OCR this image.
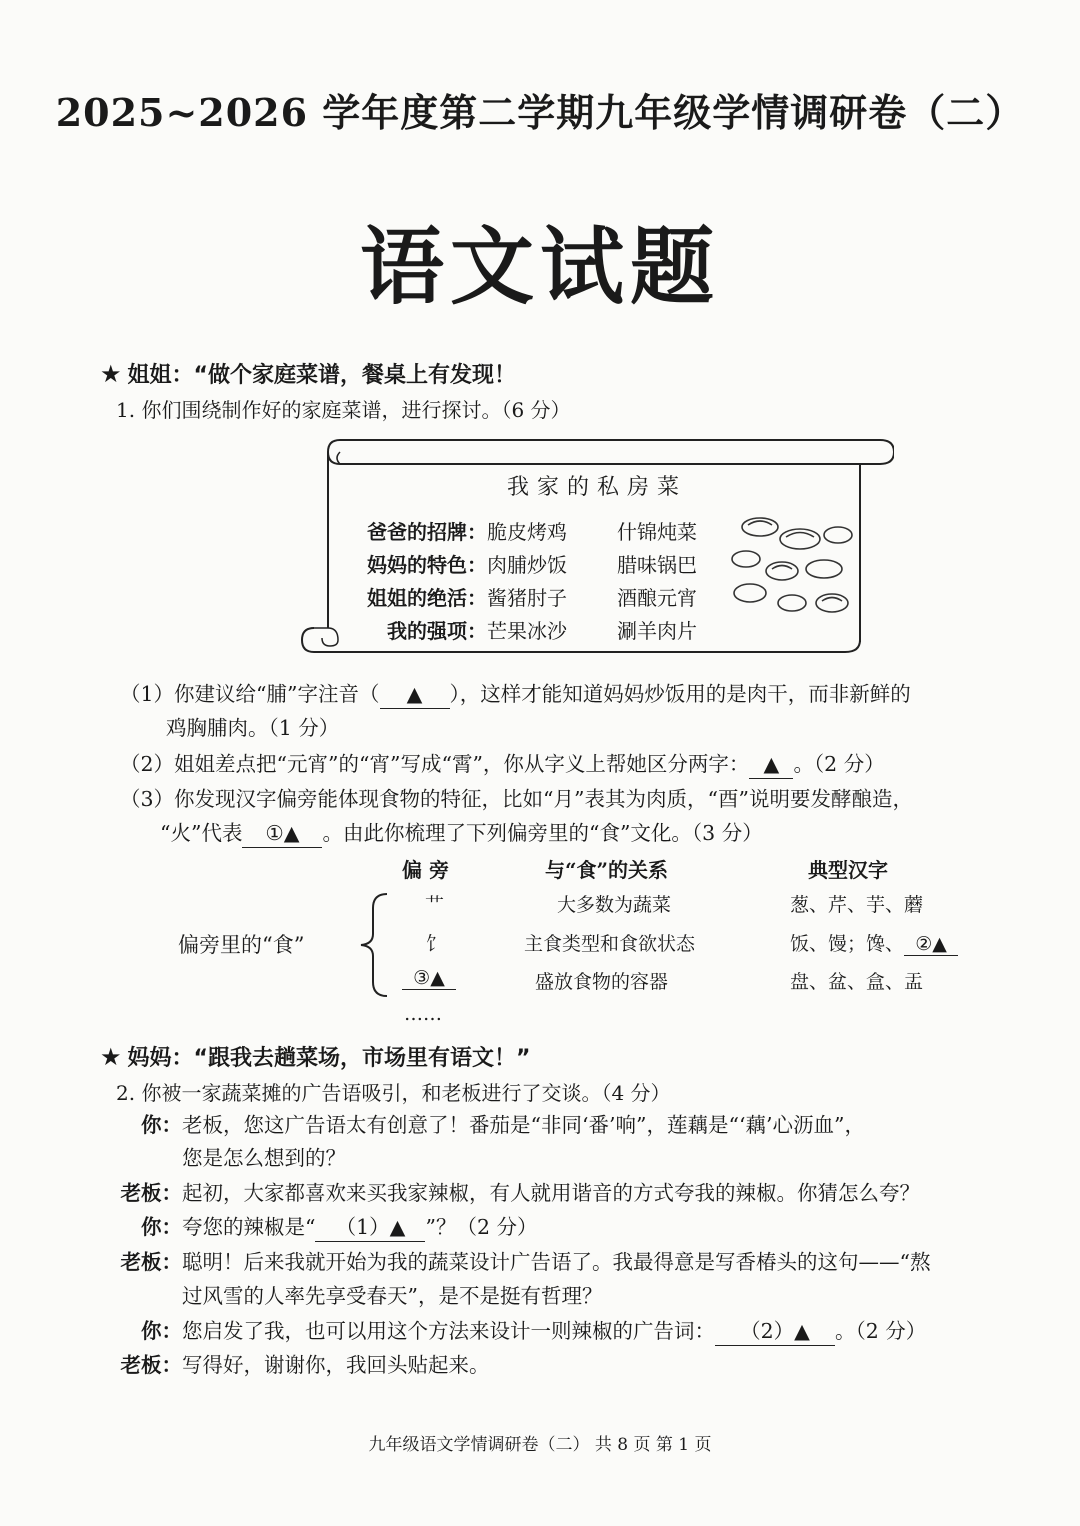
2025~2026 学年度第二学期九年级学情调研卷（二）
语文试题
★ 姐姐：“做个家庭菜谱，餐桌上有发现！
1. 你们围绕制作好的家庭菜谱，进行探讨。（6 分）
我家的私房菜
爸爸的招牌：脆皮烤鸡	什锦炖菜
妈妈的特色：肉脯炒饭	腊味锅巴
姐姐的绝活：酱猪肘子	酒酿元宵
我的强项：芒果冰沙	涮羊肉片
（1）你建议给“脯”字注音（ ▲ ），这样才能知道妈妈炒饭用的是肉干，而非新鲜的
鸡胸脯肉。（1 分）
（2）姐姐差点把“元宵”的“宵”写成“霄”，你从字义上帮她区分两字： ▲ 。（2 分）
（3）你发现汉字偏旁能体现食物的特征，比如“月”表其为肉质，“酉”说明要发酵酿造，
“火”代表 ①▲ 。由此你梳理了下列偏旁里的“食”文化。（3 分）
偏 旁	与“食”的关系	典型汉字
偏旁里的“食”
艹	大多数为蔬菜	葱、芹、芋、蘑
饣	主食类型和食欲状态	饭、馒；馋、 ②▲
③▲	盛放食物的容器	盘、盆、盒、盂
……
★ 妈妈：“跟我去趟菜场，市场里有语文！”
2. 你被一家蔬菜摊的广告语吸引，和老板进行了交谈。（4 分）
你：老板，您这广告语太有创意了！番茄是“非同‘番’响”，莲藕是“‘藕’心沥血”，
您是怎么想到的？
老板：起初，大家都喜欢来买我家辣椒，有人就用谐音的方式夸我的辣椒。你猜怎么夸？
你：夸您的辣椒是“ （1）▲ ”？（2 分）
老板：聪明！后来我就开始为我的蔬菜设计广告语了。我最得意是写香椿头的这句——“熬
过风雪的人率先享受春天”，是不是挺有哲理？
你：您启发了我，也可以用这个方法来设计一则辣椒的广告词： （2）▲ 。（2 分）
老板：写得好，谢谢你，我回头贴起来。
九年级语文学情调研卷（二） 共 8 页 第 1 页
